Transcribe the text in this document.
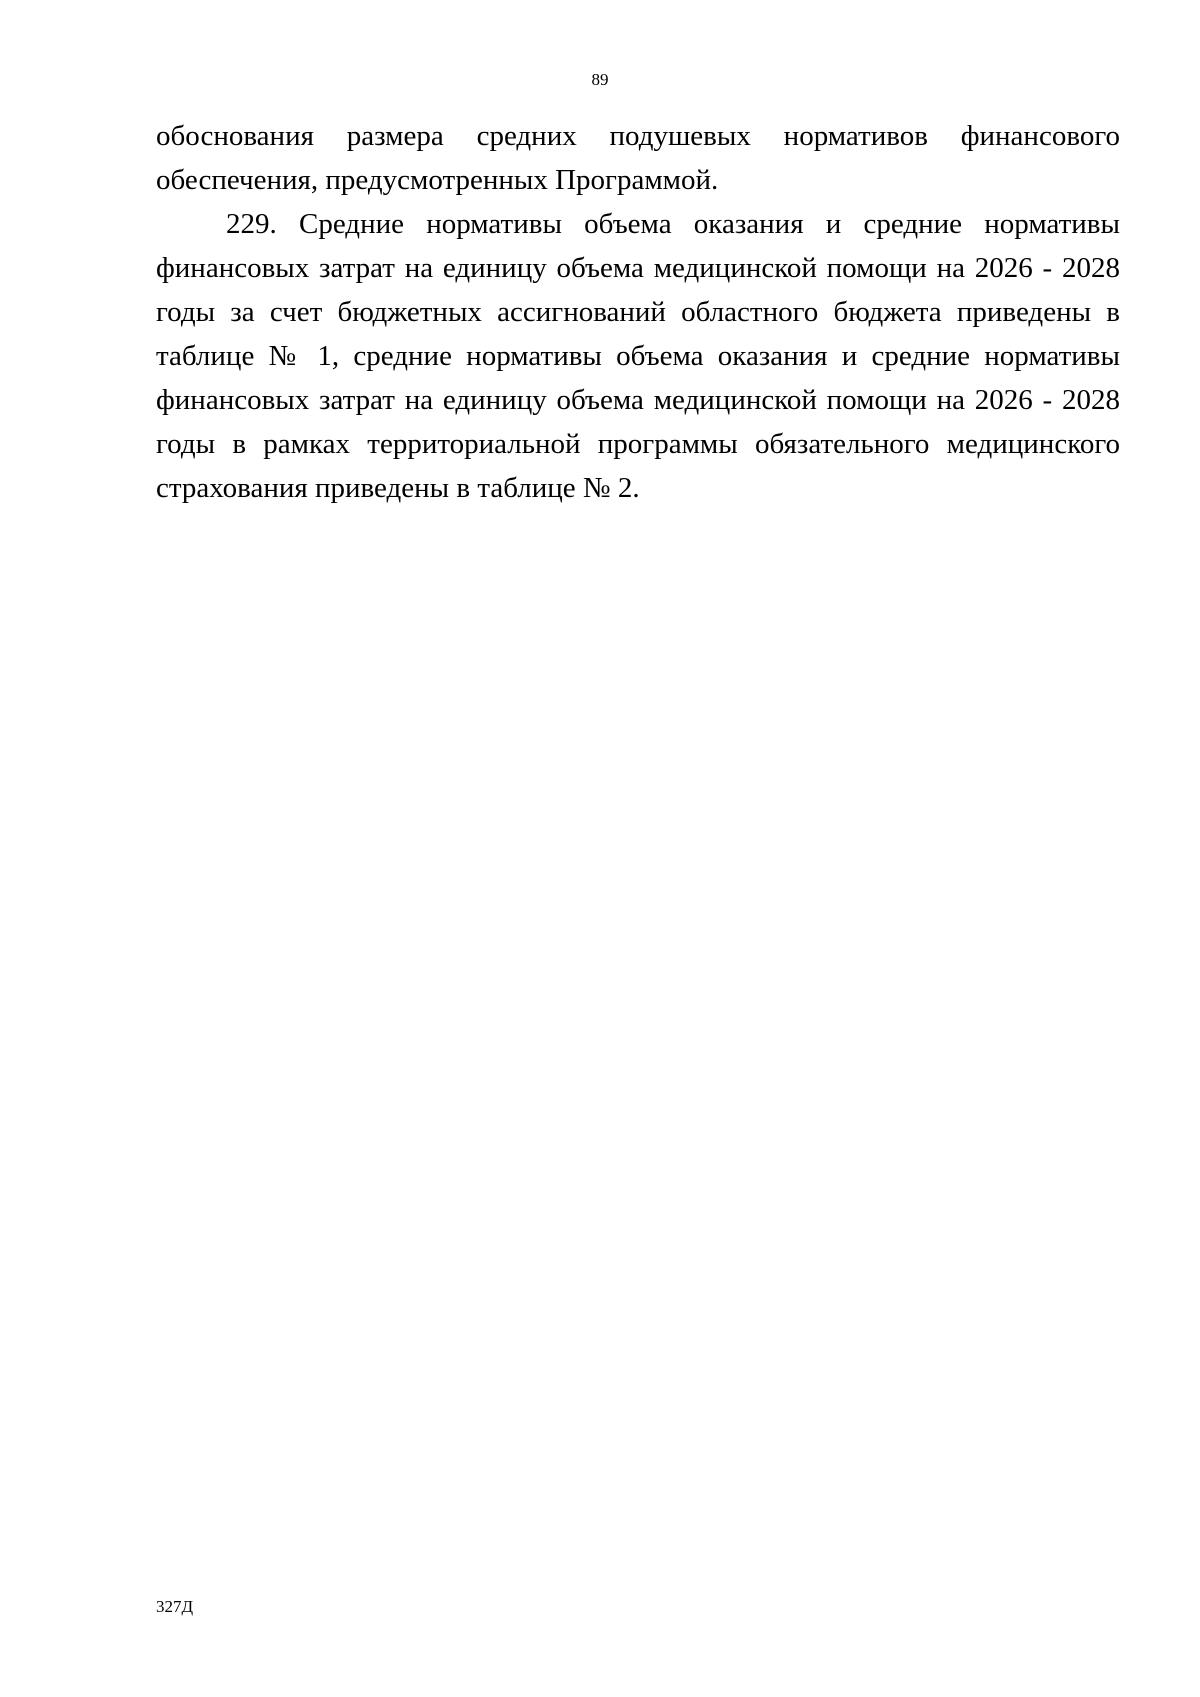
89

обоснования размера средних подушевых нормативов финансового обеспечения, предусмотренных Программой.

229. Средние нормативы объема оказания и средние нормативы финансовых затрат на единицу объема медицинской помощи на 2026 - 2028 годы за счет бюджетных ассигнований областного бюджета приведены в таблице № 1, средние нормативы объема оказания и средние нормативы финансовых затрат на единицу объема медицинской помощи на 2026 - 2028 годы в рамках территориальной программы обязательного медицинского страхования приведены в таблице № 2.

327Д
